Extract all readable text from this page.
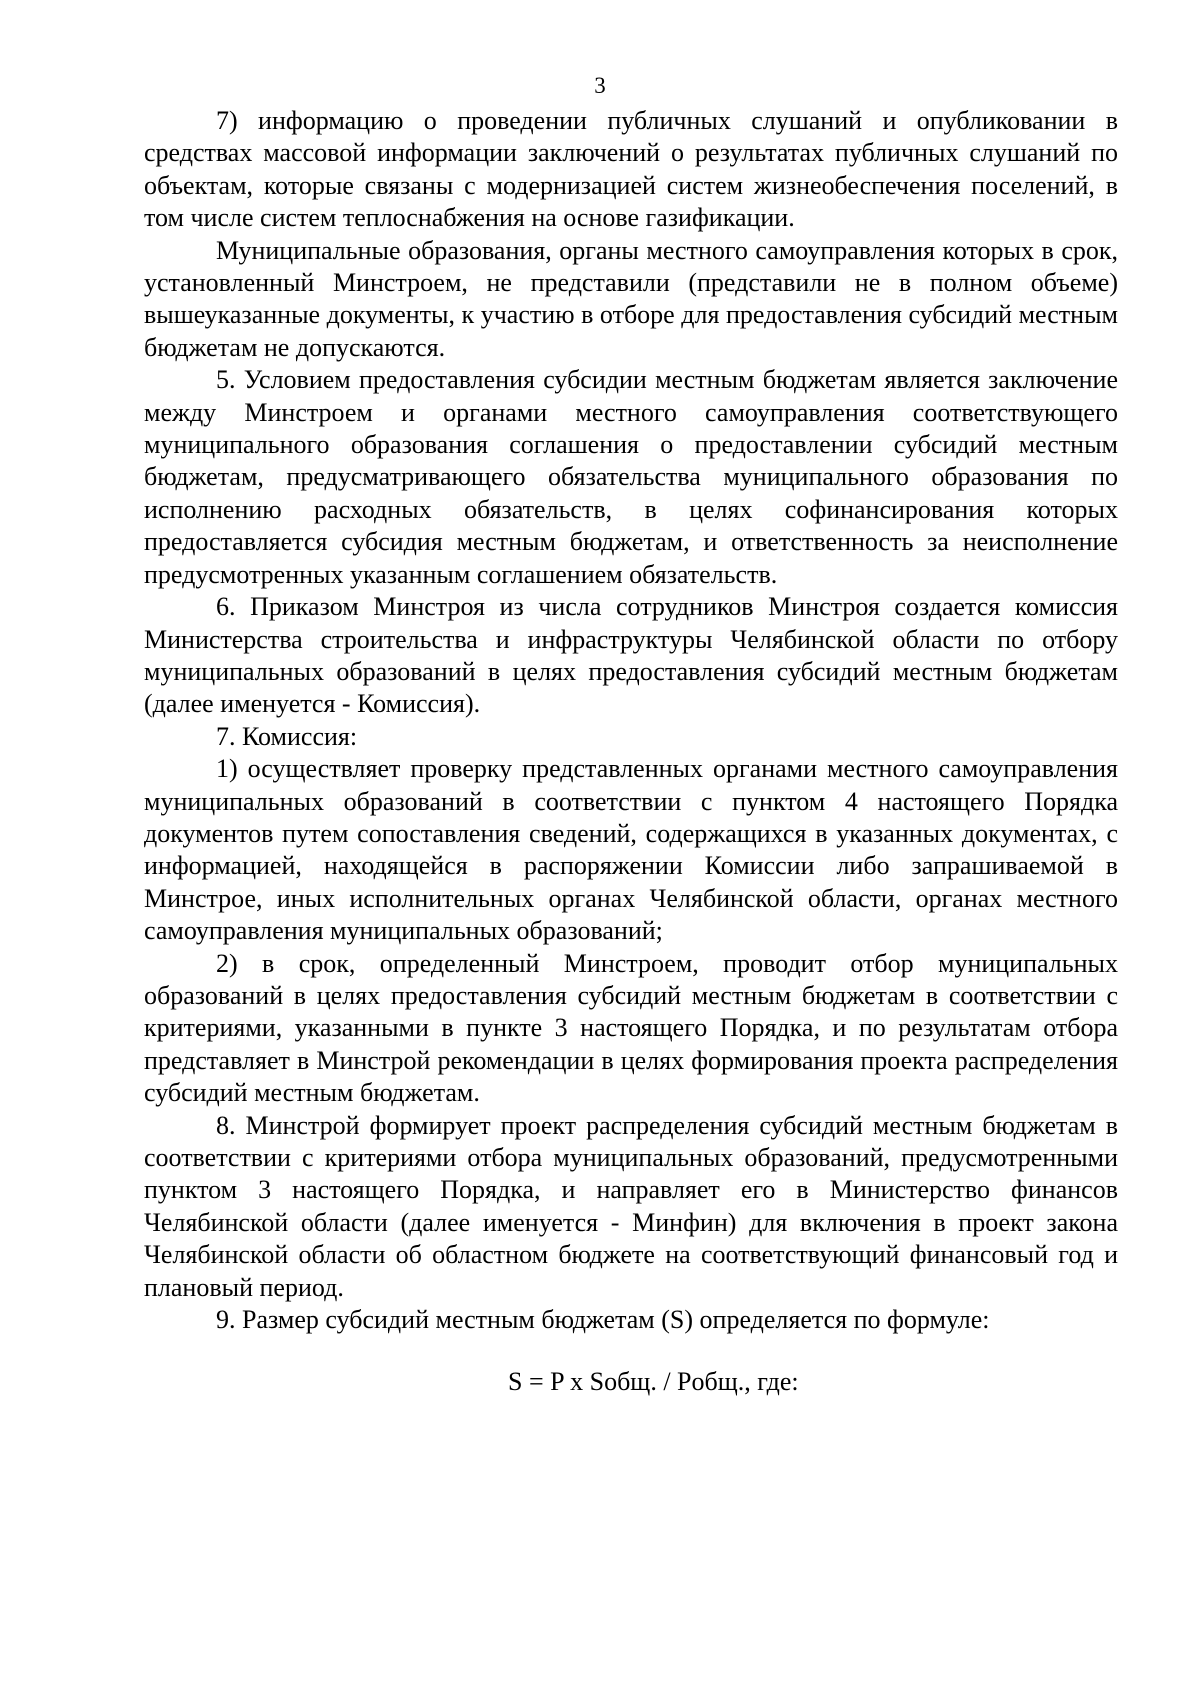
3

7) информацию о проведении публичных слушаний и опубликовании в средствах массовой информации заключений о результатах публичных слушаний по объектам, которые связаны с модернизацией систем жизнеобеспечения поселений, в том числе систем теплоснабжения на основе газификации.

Муниципальные образования, органы местного самоуправления которых в срок, установленный Минстроем, не представили (представили не в полном объеме) вышеуказанные документы, к участию в отборе для предоставления субсидий местным бюджетам не допускаются.

5. Условием предоставления субсидии местным бюджетам является заключение между Минстроем и органами местного самоуправления соответствующего муниципального образования соглашения о предоставлении субсидий местным бюджетам, предусматривающего обязательства муниципального образования по исполнению расходных обязательств, в целях софинансирования которых предоставляется субсидия местным бюджетам, и ответственность за неисполнение предусмотренных указанным соглашением обязательств.

6. Приказом Минстроя из числа сотрудников Минстроя создается комиссия Министерства строительства и инфраструктуры Челябинской области по отбору муниципальных образований в целях предоставления субсидий местным бюджетам (далее именуется - Комиссия).

7. Комиссия:

1) осуществляет проверку представленных органами местного самоуправления муниципальных образований в соответствии с пунктом 4 настоящего Порядка документов путем сопоставления сведений, содержащихся в указанных документах, с информацией, находящейся в распоряжении Комиссии либо запрашиваемой в Минстрое, иных исполнительных органах Челябинской области, органах местного самоуправления муниципальных образований;

2) в срок, определенный Минстроем, проводит отбор муниципальных образований в целях предоставления субсидий местным бюджетам в соответствии с критериями, указанными в пункте 3 настоящего Порядка, и по результатам отбора представляет в Минстрой рекомендации в целях формирования проекта распределения субсидий местным бюджетам.

8. Минстрой формирует проект распределения субсидий местным бюджетам в соответствии с критериями отбора муниципальных образований, предусмотренными пунктом 3 настоящего Порядка, и направляет его в Министерство финансов Челябинской области (далее именуется - Минфин) для включения в проект закона Челябинской области об областном бюджете на соответствующий финансовый год и плановый период.

9. Размер субсидий местным бюджетам (S) определяется по формуле:

S = P x Sобщ. / Pобщ., где:
